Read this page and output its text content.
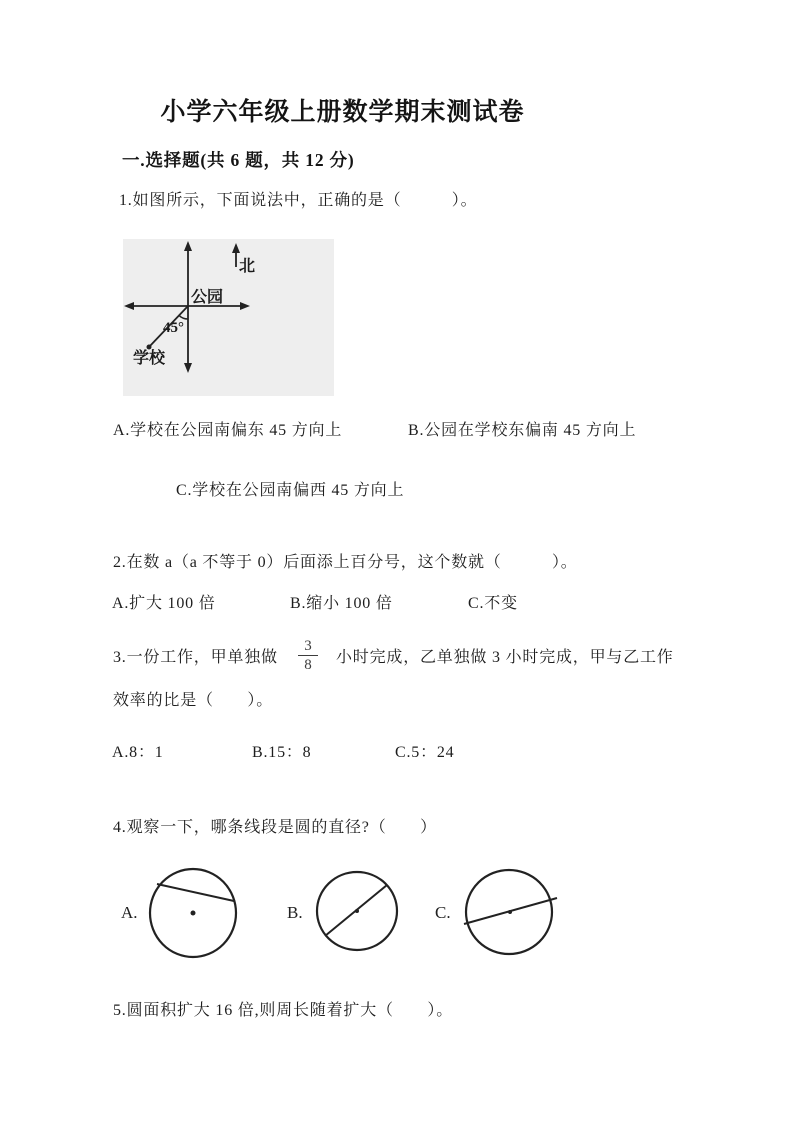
小学六年级上册数学期末测试卷
一.选择题(共 6 题，共 12 分)
1.如图所示，下面说法中，正确的是（　　　）。
北
公园
45°
学校
A.学校在公园南偏东 45 方向上	B.公园在学校东偏南 45 方向上
C.学校在公园南偏西 45 方向上
2.在数 a（a 不等于 0）后面添上百分号，这个数就（　　　）。
A.扩大 100 倍	B.缩小 100 倍	C.不变
3.一份工作，甲单独做 $\frac{3}{8}$ 小时完成，乙单独做 3 小时完成，甲与乙工作
效率的比是（　　）。
A.8：1	B.15：8	C.5：24
4.观察一下，哪条线段是圆的直径?（　　）
A.	B.	C.
5.圆面积扩大 16 倍,则周长随着扩大（　　）。
